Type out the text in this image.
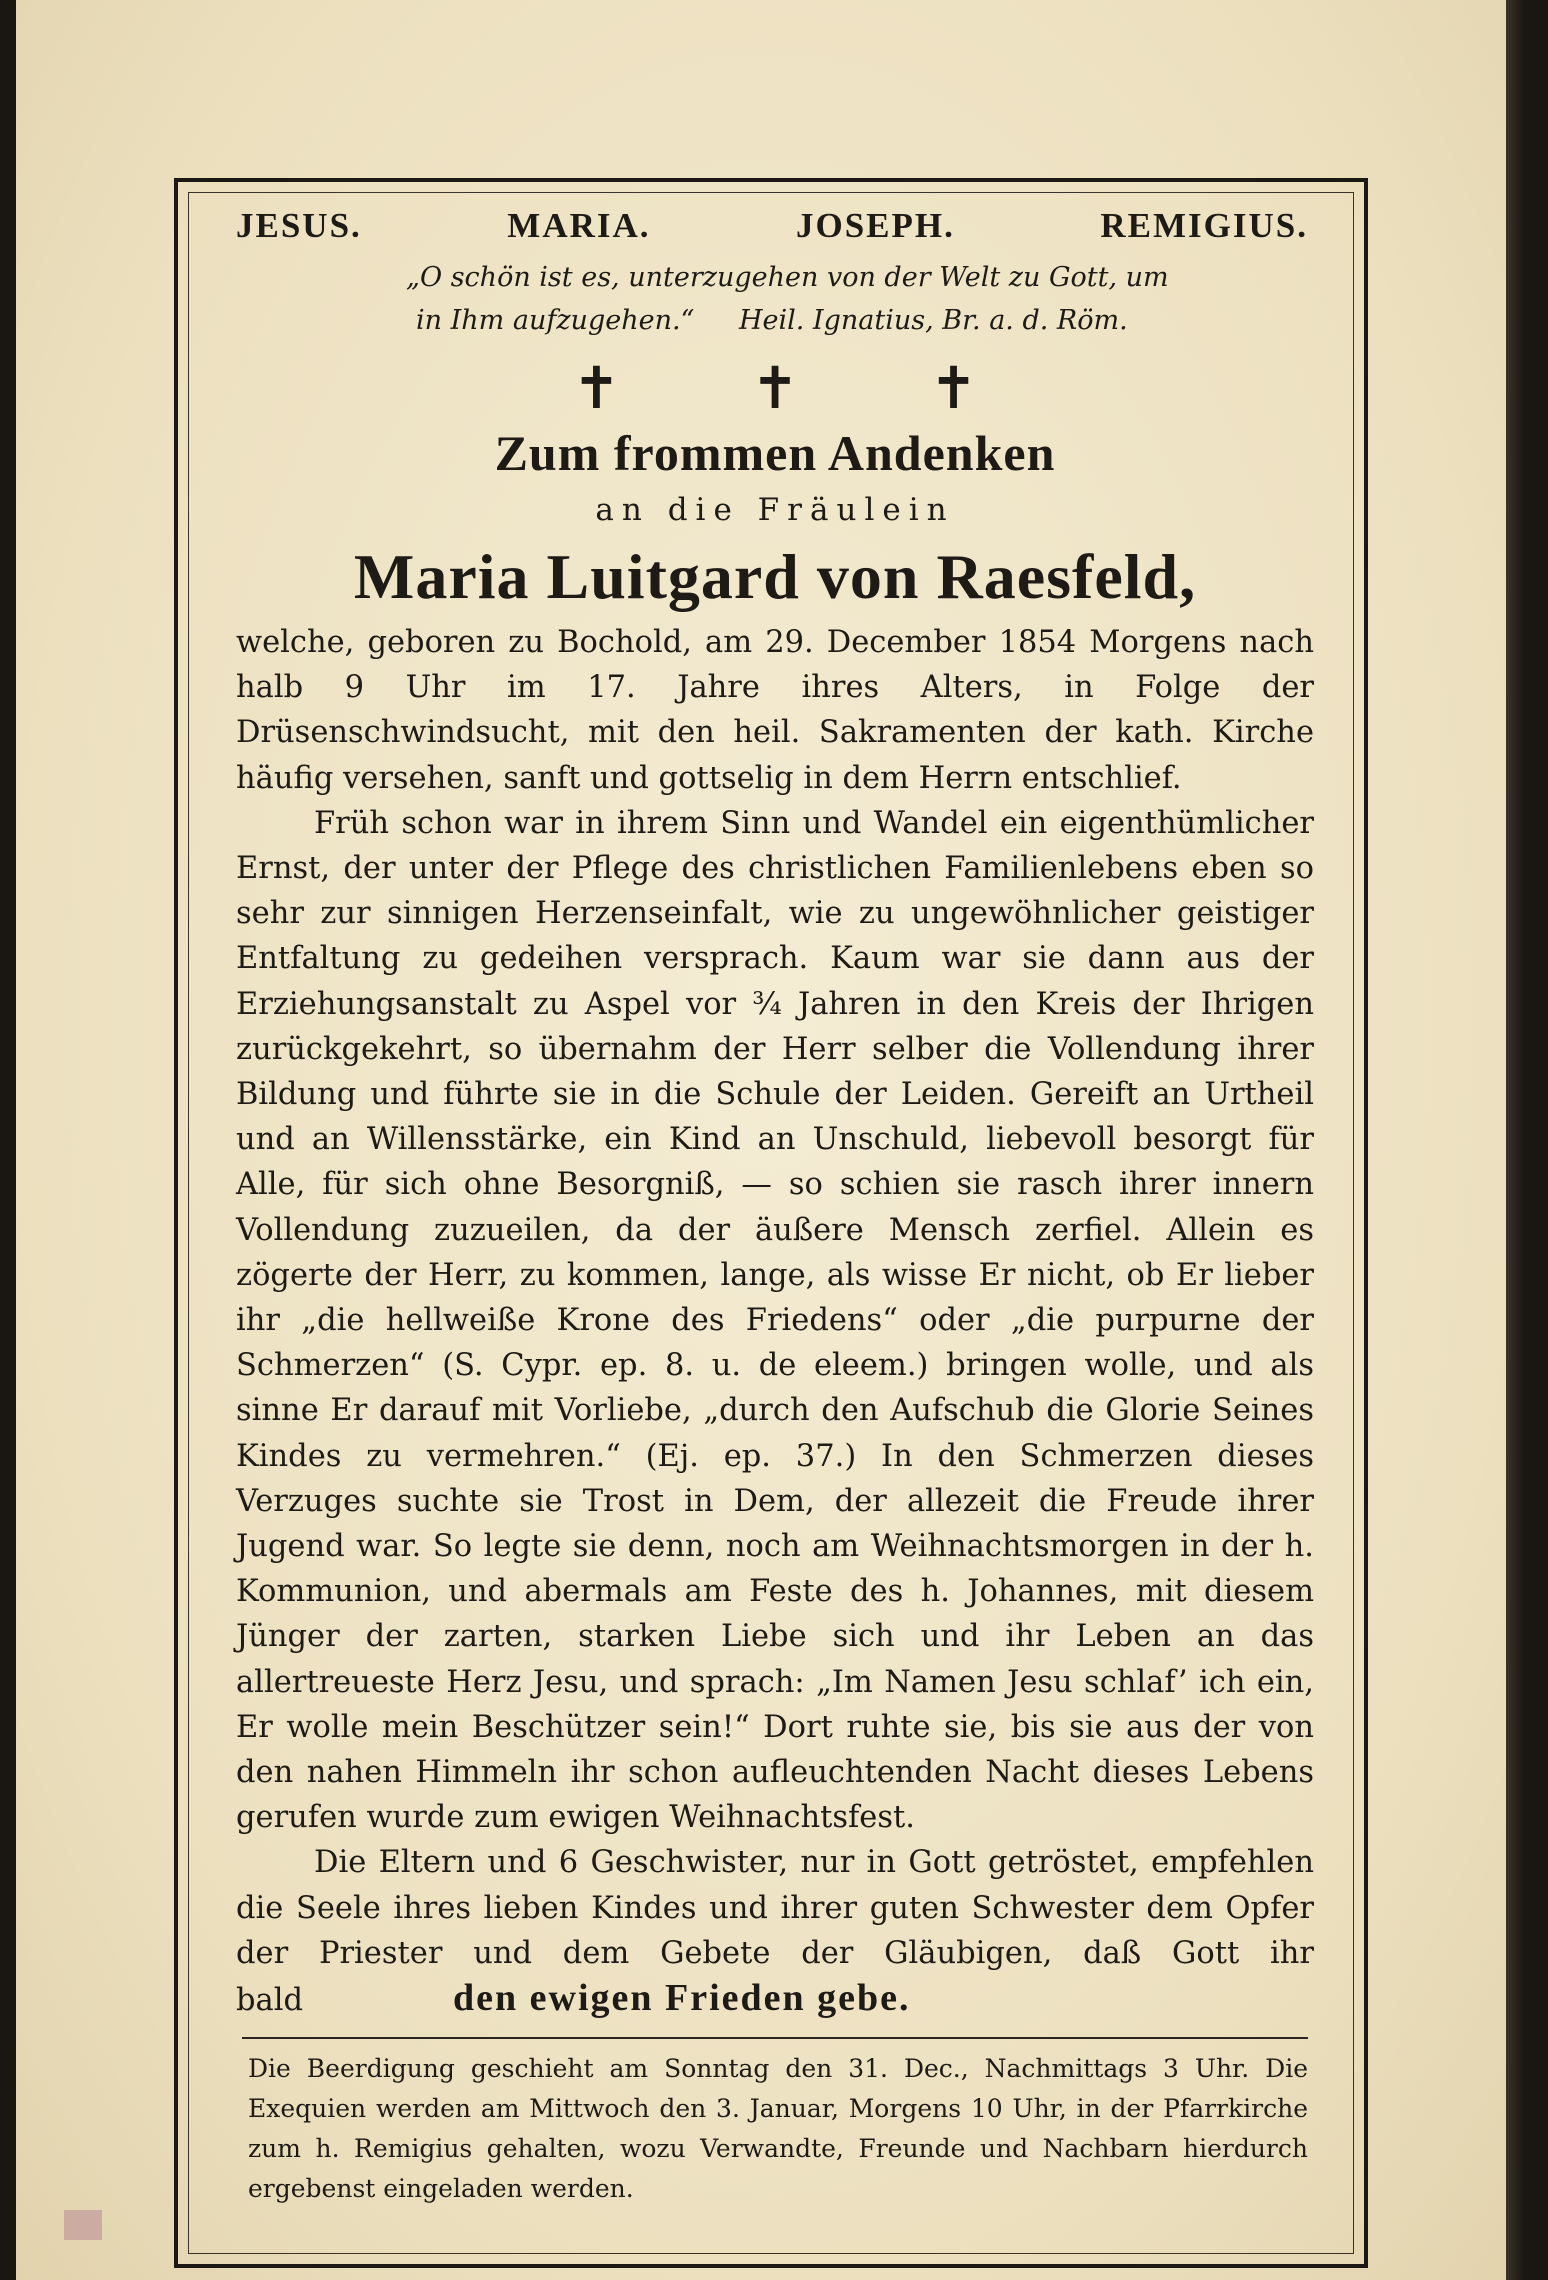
JESUS.	MARIA.	JOSEPH.	REMIGIUS.
„O schön ist es, unterzugehen von der Welt zu Gott, um
in Ihm aufzugehen.“ Heil. Ignatius, Br. a. d. Röm.
✝ ✝ ✝
Zum frommen Andenken
an die Fräulein
Maria Luitgard von Raesfeld,

welche, geboren zu Bochold, am 29. December 1854 Morgens nach halb 9 Uhr im 17. Jahre ihres Alters, in Folge der Drüsenschwindsucht, mit den heil. Sakramenten der kath. Kirche häufig versehen, sanft und gottselig in dem Herrn entschlief.

Früh schon war in ihrem Sinn und Wandel ein eigenthümlicher Ernst, der unter der Pflege des christlichen Familienlebens eben so sehr zur sinnigen Herzenseinfalt, wie zu ungewöhnlicher geistiger Entfaltung zu gedeihen versprach. Kaum war sie dann aus der Erziehungsanstalt zu Aspel vor ¾ Jahren in den Kreis der Ihrigen zurückgekehrt, so übernahm der Herr selber die Vollendung ihrer Bildung und führte sie in die Schule der Leiden. Gereift an Urtheil und an Willensstärke, ein Kind an Unschuld, liebevoll besorgt für Alle, für sich ohne Besorgniß, — so schien sie rasch ihrer innern Vollendung zuzueilen, da der äußere Mensch zerfiel. Allein es zögerte der Herr, zu kommen, lange, als wisse Er nicht, ob Er lieber ihr „die hellweiße Krone des Friedens“ oder „die purpurne der Schmerzen“ (S. Cypr. ep. 8. u. de eleem.) bringen wolle, und als sinne Er darauf mit Vorliebe, „durch den Aufschub die Glorie Seines Kindes zu vermehren.“ (Ej. ep. 37.) In den Schmerzen dieses Verzuges suchte sie Trost in Dem, der allezeit die Freude ihrer Jugend war. So legte sie denn, noch am Weihnachtsmorgen in der h. Kommunion, und abermals am Feste des h. Johannes, mit diesem Jünger der zarten, starken Liebe sich und ihr Leben an das allertreueste Herz Jesu, und sprach: „Im Namen Jesu schlaf’ ich ein, Er wolle mein Beschützer sein!“ Dort ruhte sie, bis sie aus der von den nahen Himmeln ihr schon aufleuchtenden Nacht dieses Lebens gerufen wurde zum ewigen Weihnachtsfest.

Die Eltern und 6 Geschwister, nur in Gott getröstet, empfehlen die Seele ihres lieben Kindes und ihrer guten Schwester dem Opfer der Priester und dem Gebete der Gläubigen, daß Gott ihr bald	den ewigen Frieden gebe.

Die Beerdigung geschieht am Sonntag den 31. Dec., Nachmittags 3 Uhr. Die Exequien werden am Mittwoch den 3. Januar, Morgens 10 Uhr, in der Pfarrkirche zum h. Remigius gehalten, wozu Verwandte, Freunde und Nachbarn hierdurch ergebenst eingeladen werden.
